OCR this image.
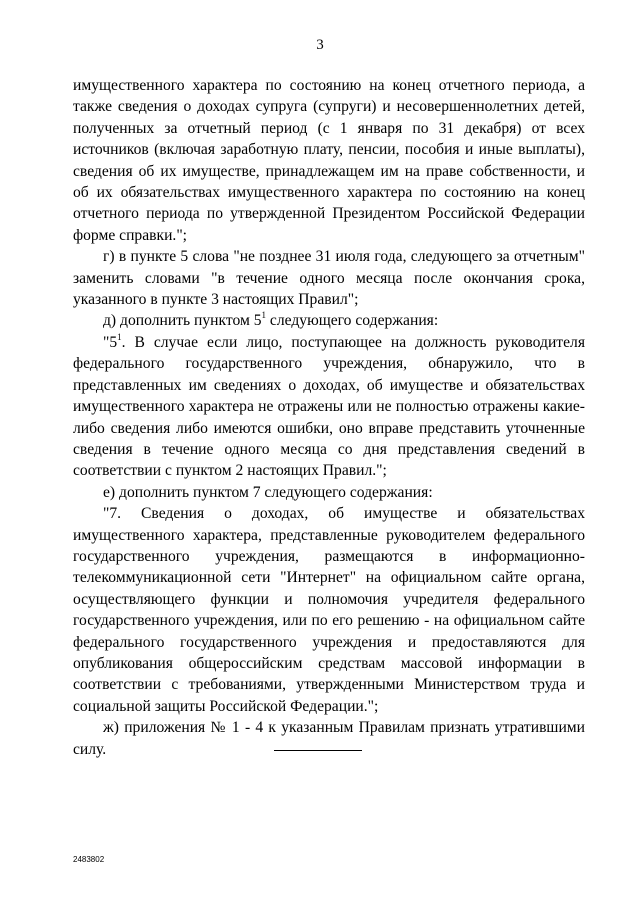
3

имущественного характера по состоянию на конец отчетного периода, а также сведения о доходах супруга (супруги) и несовершеннолетних детей, полученных за отчетный период (с 1 января по 31 декабря) от всех источников (включая заработную плату, пенсии, пособия и иные выплаты), сведения об их имуществе, принадлежащем им на праве собственности, и об их обязательствах имущественного характера по состоянию на конец отчетного периода по утвержденной Президентом Российской Федерации форме справки.";

г) в пункте 5 слова "не позднее 31 июля года, следующего за отчетным" заменить словами "в течение одного месяца после окончания срока, указанного в пункте 3 настоящих Правил";

д) дополнить пунктом $5^1$ следующего содержания:

"$5^1$. В случае если лицо, поступающее на должность руководителя федерального государственного учреждения, обнаружило, что в представленных им сведениях о доходах, об имуществе и обязательствах имущественного характера не отражены или не полностью отражены какие-либо сведения либо имеются ошибки, оно вправе представить уточненные сведения в течение одного месяца со дня представления сведений в соответствии с пунктом 2 настоящих Правил.";

е) дополнить пунктом 7 следующего содержания:

"7. Сведения о доходах, об имуществе и обязательствах имущественного характера, представленные руководителем федерального государственного учреждения, размещаются в информационно-телекоммуникационной сети "Интернет" на официальном сайте органа, осуществляющего функции и полномочия учредителя федерального государственного учреждения, или по его решению - на официальном сайте федерального государственного учреждения и предоставляются для опубликования общероссийским средствам массовой информации в соответствии с требованиями, утвержденными Министерством труда и социальной защиты Российской Федерации.";

ж) приложения № 1 - 4 к указанным Правилам признать утратившими силу.

2483802
